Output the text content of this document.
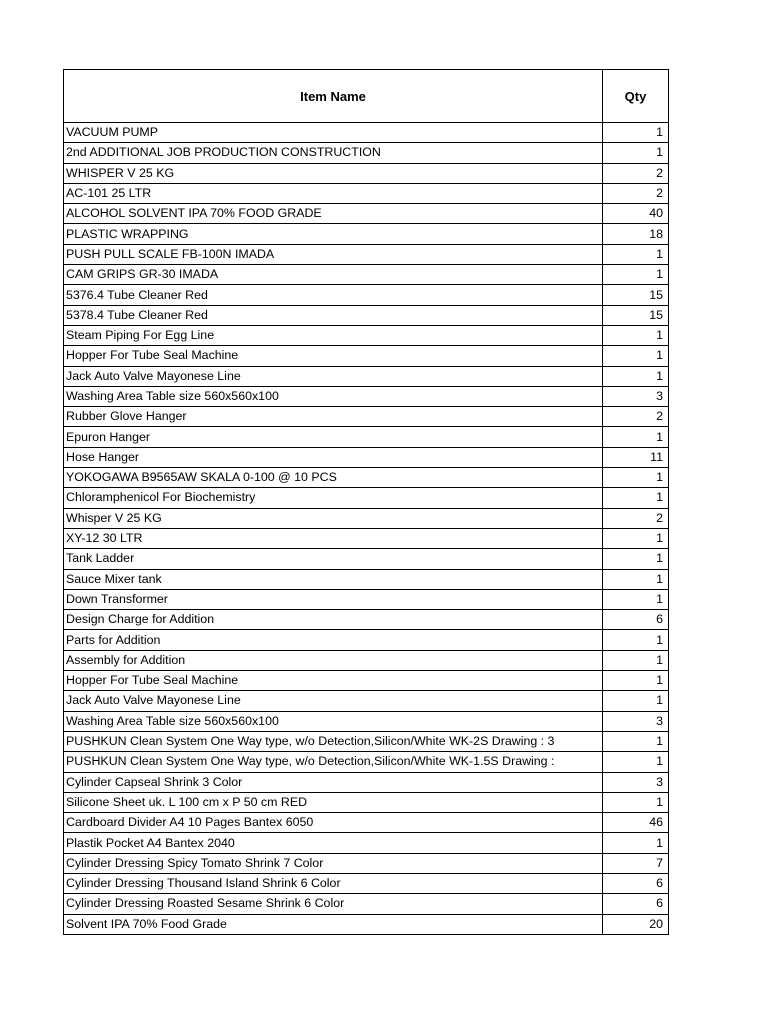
Item Name	Qty
VACUUM PUMP	1
2nd ADDITIONAL JOB PRODUCTION CONSTRUCTION	1
WHISPER V 25 KG	2
AC-101 25 LTR	2
ALCOHOL SOLVENT IPA 70% FOOD GRADE	40
PLASTIC WRAPPING	18
PUSH PULL SCALE FB-100N IMADA	1
CAM GRIPS GR-30 IMADA	1
5376.4 Tube Cleaner Red	15
5378.4 Tube Cleaner Red	15
Steam Piping For Egg Line	1
Hopper For Tube Seal Machine	1
Jack Auto Valve Mayonese Line	1
Washing Area Table size 560x560x100	3
Rubber Glove Hanger	2
Epuron Hanger	1
Hose Hanger	11
YOKOGAWA B9565AW SKALA 0-100 @ 10 PCS	1
Chloramphenicol For Biochemistry	1
Whisper V 25 KG	2
XY-12 30 LTR	1
Tank Ladder	1
Sauce Mixer tank	1
Down Transformer	1
Design Charge for Addition	6
Parts for Addition	1
Assembly for Addition	1
Hopper For Tube Seal Machine	1
Jack Auto Valve Mayonese Line	1
Washing Area Table size 560x560x100	3
PUSHKUN Clean System One Way type, w/o Detection,Silicon/White WK-2S Drawing : 3	1
PUSHKUN Clean System One Way type, w/o Detection,Silicon/White WK-1.5S Drawing :	1
Cylinder Capseal Shrink 3 Color	3
Silicone Sheet uk. L 100 cm x P 50 cm RED	1
Cardboard Divider A4 10 Pages Bantex 6050	46
Plastik Pocket A4 Bantex 2040	1
Cylinder Dressing Spicy Tomato Shrink 7 Color	7
Cylinder Dressing Thousand Island Shrink 6 Color	6
Cylinder Dressing Roasted Sesame Shrink 6 Color	6
Solvent IPA 70% Food Grade	20
